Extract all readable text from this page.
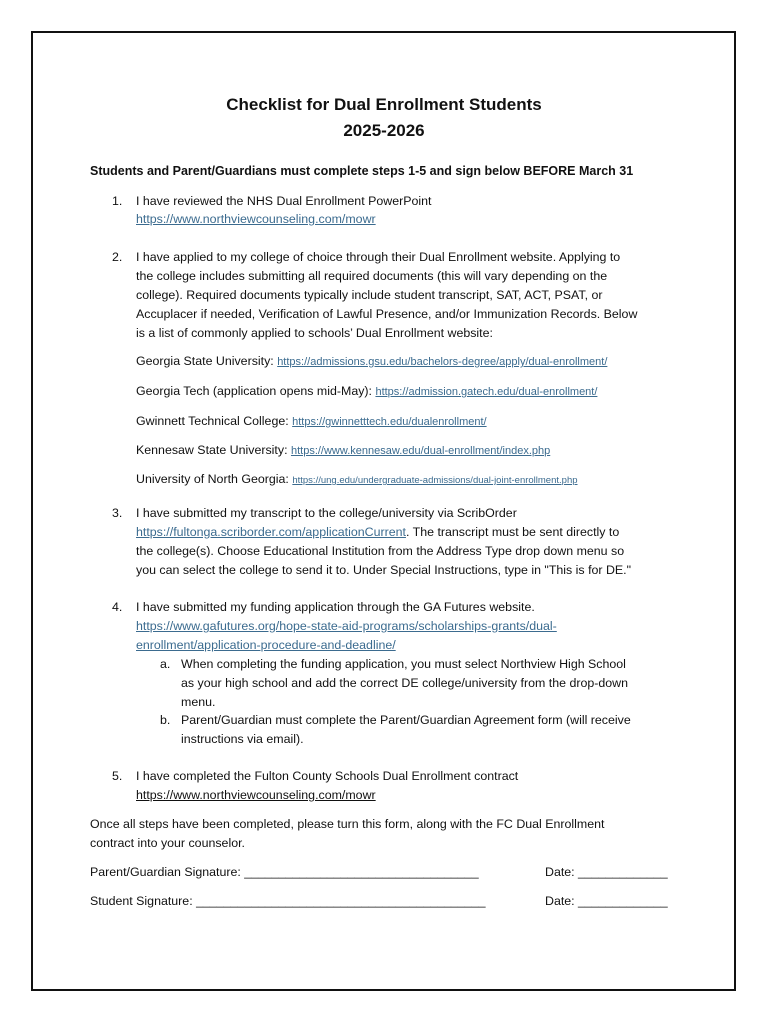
Checklist for Dual Enrollment Students
2025-2026
Students and Parent/Guardians must complete steps 1-5 and sign below BEFORE March 31
1. I have reviewed the NHS Dual Enrollment PowerPoint
https://www.northviewcounseling.com/mowr
2. I have applied to my college of choice through their Dual Enrollment website. Applying to
the college includes submitting all required documents (this will vary depending on the
college). Required documents typically include student transcript, SAT, ACT, PSAT, or
Accuplacer if needed, Verification of Lawful Presence, and/or Immunization Records. Below
is a list of commonly applied to schools’ Dual Enrollment website:
Georgia State University: https://admissions.gsu.edu/bachelors-degree/apply/dual-enrollment/
Georgia Tech (application opens mid-May): https://admission.gatech.edu/dual-enrollment/
Gwinnett Technical College: https://gwinnetttech.edu/dualenrollment/
Kennesaw State University: https://www.kennesaw.edu/dual-enrollment/index.php
University of North Georgia: https://ung.edu/undergraduate-admissions/dual-joint-enrollment.php
3. I have submitted my transcript to the college/university via ScribOrder
https://fultonga.scriborder.com/applicationCurrent. The transcript must be sent directly to
the college(s). Choose Educational Institution from the Address Type drop down menu so
you can select the college to send it to. Under Special Instructions, type in "This is for DE."
4. I have submitted my funding application through the GA Futures website.
https://www.gafutures.org/hope-state-aid-programs/scholarships-grants/dual-
enrollment/application-procedure-and-deadline/
a. When completing the funding application, you must select Northview High School
as your high school and add the correct DE college/university from the drop-down
menu.
b. Parent/Guardian must complete the Parent/Guardian Agreement form (will receive
instructions via email).
5. I have completed the Fulton County Schools Dual Enrollment contract
https://www.northviewcounseling.com/mowr
Once all steps have been completed, please turn this form, along with the FC Dual Enrollment
contract into your counselor.
Parent/Guardian Signature: __________________________________	Date: _____________
Student Signature: __________________________________________	Date: _____________
